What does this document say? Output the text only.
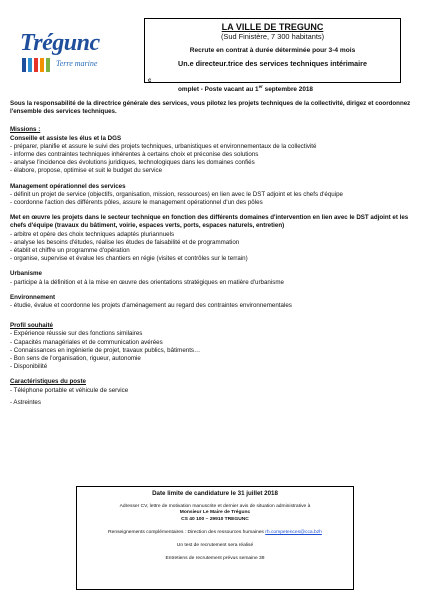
Trégunc
Terre marine
LA VILLE DE TREGUNC
(Sud Finistère, 7 300 habitants)
Recrute en contrat à durée déterminée pour 3-4 mois
Un.e directeur.trice des services techniques intérimaire
c
omplet - Poste vacant au 1er septembre 2018

Sous la responsabilité de la directrice générale des services, vous pilotez les projets techniques de la collectivité, dirigez et coordonnez l'ensemble des services techniques.

Missions :

Conseille et assiste les élus et la DGS

- préparer, planifie et assure le suivi des projets techniques, urbanistiques et environnementaux de la collectivité
- informe des contraintes techniques inhérentes à certains choix et préconise des solutions
- analyse l'incidence des évolutions juridiques, technologiques dans les domaines confiés
- élabore, propose, optimise et suit le budget du service

Management opérationnel des services

- définit un projet de service (objectifs, organisation, mission, ressources) en lien avec le DST adjoint et les chefs d'équipe
- coordonne l'action des différents pôles, assure le management opérationnel d'un des pôles

Met en œuvre les projets dans le secteur technique en fonction des différents domaines d'intervention en lien avec le DST adjoint et les chefs d'équipe (travaux du bâtiment, voirie, espaces verts, ports, espaces naturels, entretien)

- arbitre et opère des choix techniques adaptés pluriannuels
- analyse les besoins d'études, réalise les études de faisabilité et de programmation
- établit et chiffre un programme d'opération
- organise, supervise et évalue les chantiers en régie (visites et contrôles sur le terrain)

Urbanisme

- participe à la définition et à la mise en œuvre des orientations stratégiques en matière d'urbanisme

Environnement

- étudie, évalue et coordonne les projets d'aménagement au regard des contraintes environnementales

Profil souhaité

- Expérience réussie sur des fonctions similaires
- Capacités managériales et de communication avérées
- Connaissances en ingénierie de projet, travaux publics, bâtiments…
- Bon sens de l'organisation, rigueur, autonomie
- Disponibilité

Caractéristiques du poste

- Téléphone portable et véhicule de service
- Astreintes
Date limite de candidature le 31 juillet 2018
Adresser CV, lettre de motivation manuscrite et dernier avis de situation administrative à
Monsieur Le Maire de Trégunc
CS 40 100 – 29910 TREGUNC
Renseignements complémentaires : Direction des ressources humaines rh.competences@cca.bzh
Un test de recrutement sera réalisé
Entretiens de recrutement prévus semaine 39
